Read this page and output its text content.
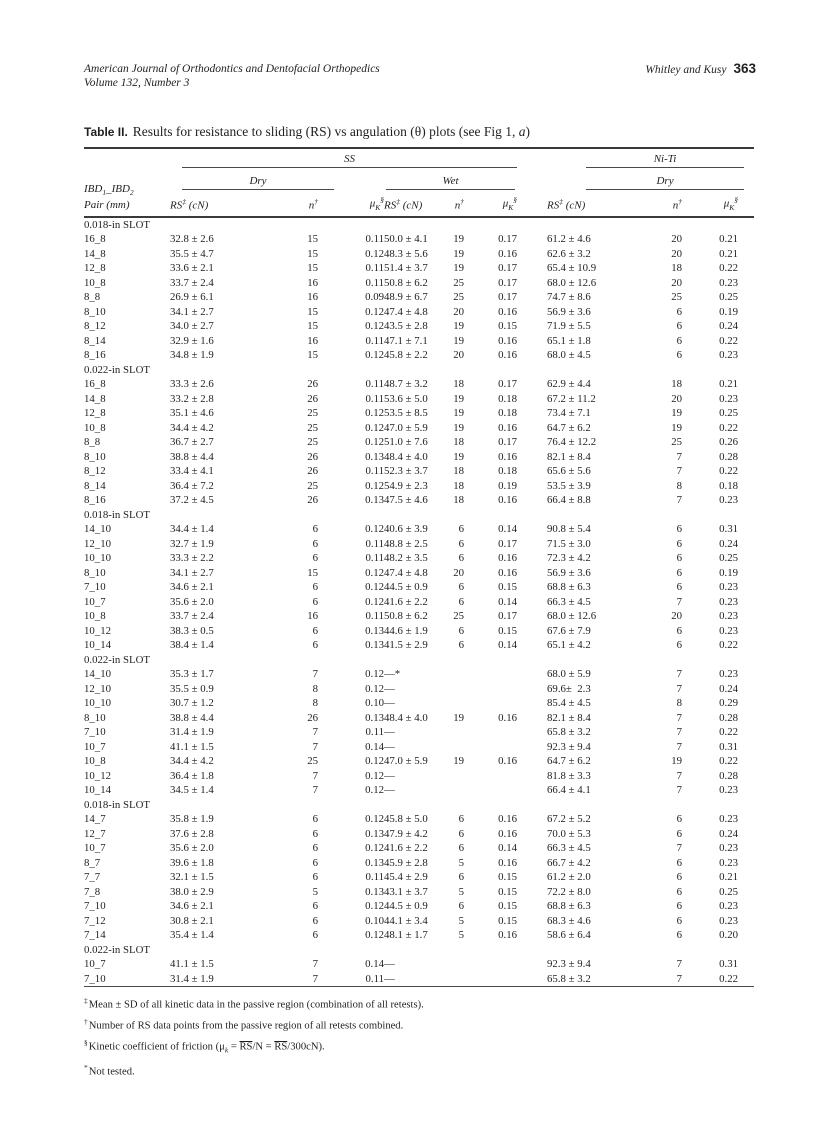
American Journal of Orthodontics and Dentofacial Orthopedics
Volume 132, Number 3
Whitley and Kusy 363
Table II. Results for resistance to sliding (RS) vs angulation (θ) plots (see Fig 1, a)
$IBD_1\_IBD_2$
Pair (mm)	SS						Ni-Ti		

	Dry			Wet			Dry		

	RS‡ (cN)	n†	$\mu_K^\S$	RS‡ (cN)	n†	$\mu_K^\S$	RS‡ (cN)	n†	$\mu_K^\S$
0.018-in SLOT									
16_8	32.8 ± 2.6	15	0.11	50.0 ± 4.1	19	0.17	61.2 ± 4.6	20	0.21
14_8	35.5 ± 4.7	15	0.12	48.3 ± 5.6	19	0.16	62.6 ± 3.2	20	0.21
12_8	33.6 ± 2.1	15	0.11	51.4 ± 3.7	19	0.17	65.4 ± 10.9	18	0.22
10_8	33.7 ± 2.4	16	0.11	50.8 ± 6.2	25	0.17	68.0 ± 12.6	20	0.23
8_8	26.9 ± 6.1	16	0.09	48.9 ± 6.7	25	0.17	74.7 ± 8.6	25	0.25
8_10	34.1 ± 2.7	15	0.12	47.4 ± 4.8	20	0.16	56.9 ± 3.6	6	0.19
8_12	34.0 ± 2.7	15	0.12	43.5 ± 2.8	19	0.15	71.9 ± 5.5	6	0.24
8_14	32.9 ± 1.6	16	0.11	47.1 ± 7.1	19	0.16	65.1 ± 1.8	6	0.22
8_16	34.8 ± 1.9	15	0.12	45.8 ± 2.2	20	0.16	68.0 ± 4.5	6	0.23
0.022-in SLOT									
16_8	33.3 ± 2.6	26	0.11	48.7 ± 3.2	18	0.17	62.9 ± 4.4	18	0.21
14_8	33.2 ± 2.8	26	0.11	53.6 ± 5.0	19	0.18	67.2 ± 11.2	20	0.23
12_8	35.1 ± 4.6	25	0.12	53.5 ± 8.5	19	0.18	73.4 ± 7.1	19	0.25
10_8	34.4 ± 4.2	25	0.12	47.0 ± 5.9	19	0.16	64.7 ± 6.2	19	0.22
8_8	36.7 ± 2.7	25	0.12	51.0 ± 7.6	18	0.17	76.4 ± 12.2	25	0.26
8_10	38.8 ± 4.4	26	0.13	48.4 ± 4.0	19	0.16	82.1 ± 8.4	7	0.28
8_12	33.4 ± 4.1	26	0.11	52.3 ± 3.7	18	0.18	65.6 ± 5.6	7	0.22
8_14	36.4 ± 7.2	25	0.12	54.9 ± 2.3	18	0.19	53.5 ± 3.9	8	0.18
8_16	37.2 ± 4.5	26	0.13	47.5 ± 4.6	18	0.16	66.4 ± 8.8	7	0.23
0.018-in SLOT									
14_10	34.4 ± 1.4	6	0.12	40.6 ± 3.9	6	0.14	90.8 ± 5.4	6	0.31
12_10	32.7 ± 1.9	6	0.11	48.8 ± 2.5	6	0.17	71.5 ± 3.0	6	0.24
10_10	33.3 ± 2.2	6	0.11	48.2 ± 3.5	6	0.16	72.3 ± 4.2	6	0.25
8_10	34.1 ± 2.7	15	0.12	47.4 ± 4.8	20	0.16	56.9 ± 3.6	6	0.19
7_10	34.6 ± 2.1	6	0.12	44.5 ± 0.9	6	0.15	68.8 ± 6.3	6	0.23
10_7	35.6 ± 2.0	6	0.12	41.6 ± 2.2	6	0.14	66.3 ± 4.5	7	0.23
10_8	33.7 ± 2.4	16	0.11	50.8 ± 6.2	25	0.17	68.0 ± 12.6	20	0.23
10_12	38.3 ± 0.5	6	0.13	44.6 ± 1.9	6	0.15	67.6 ± 7.9	6	0.23
10_14	38.4 ± 1.4	6	0.13	41.5 ± 2.9	6	0.14	65.1 ± 4.2	6	0.22
0.022-in SLOT									
14_10	35.3 ± 1.7	7	0.12	—*			68.0 ± 5.9	7	0.23
12_10	35.5 ± 0.9	8	0.12	—			69.6±  2.3	7	0.24
10_10	30.7 ± 1.2	8	0.10	—			85.4 ± 4.5	8	0.29
8_10	38.8 ± 4.4	26	0.13	48.4 ± 4.0	19	0.16	82.1 ± 8.4	7	0.28
7_10	31.4 ± 1.9	7	0.11	—			65.8 ± 3.2	7	0.22
10_7	41.1 ± 1.5	7	0.14	—			92.3 ± 9.4	7	0.31
10_8	34.4 ± 4.2	25	0.12	47.0 ± 5.9	19	0.16	64.7 ± 6.2	19	0.22
10_12	36.4 ± 1.8	7	0.12	—			81.8 ± 3.3	7	0.28
10_14	34.5 ± 1.4	7	0.12	—			66.4 ± 4.1	7	0.23
0.018-in SLOT									
14_7	35.8 ± 1.9	6	0.12	45.8 ± 5.0	6	0.16	67.2 ± 5.2	6	0.23
12_7	37.6 ± 2.8	6	0.13	47.9 ± 4.2	6	0.16	70.0 ± 5.3	6	0.24
10_7	35.6 ± 2.0	6	0.12	41.6 ± 2.2	6	0.14	66.3 ± 4.5	7	0.23
8_7	39.6 ± 1.8	6	0.13	45.9 ± 2.8	5	0.16	66.7 ± 4.2	6	0.23
7_7	32.1 ± 1.5	6	0.11	45.4 ± 2.9	6	0.15	61.2 ± 2.0	6	0.21
7_8	38.0 ± 2.9	5	0.13	43.1 ± 3.7	5	0.15	72.2 ± 8.0	6	0.25
7_10	34.6 ± 2.1	6	0.12	44.5 ± 0.9	6	0.15	68.8 ± 6.3	6	0.23
7_12	30.8 ± 2.1	6	0.10	44.1 ± 3.4	5	0.15	68.3 ± 4.6	6	0.23
7_14	35.4 ± 1.4	6	0.12	48.1 ± 1.7	5	0.16	58.6 ± 6.4	6	0.20
0.022-in SLOT									
10_7	41.1 ± 1.5	7	0.14	—			92.3 ± 9.4	7	0.31
7_10	31.4 ± 1.9	7	0.11	—			65.8 ± 3.2	7	0.22
‡Mean ± SD of all kinetic data in the passive region (combination of all retests).
†Number of RS data points from the passive region of all retests combined.
§Kinetic coefficient of friction $(\mu_k = \overline{RS}/N = \overline{RS}/300cN)$.
*Not tested.
